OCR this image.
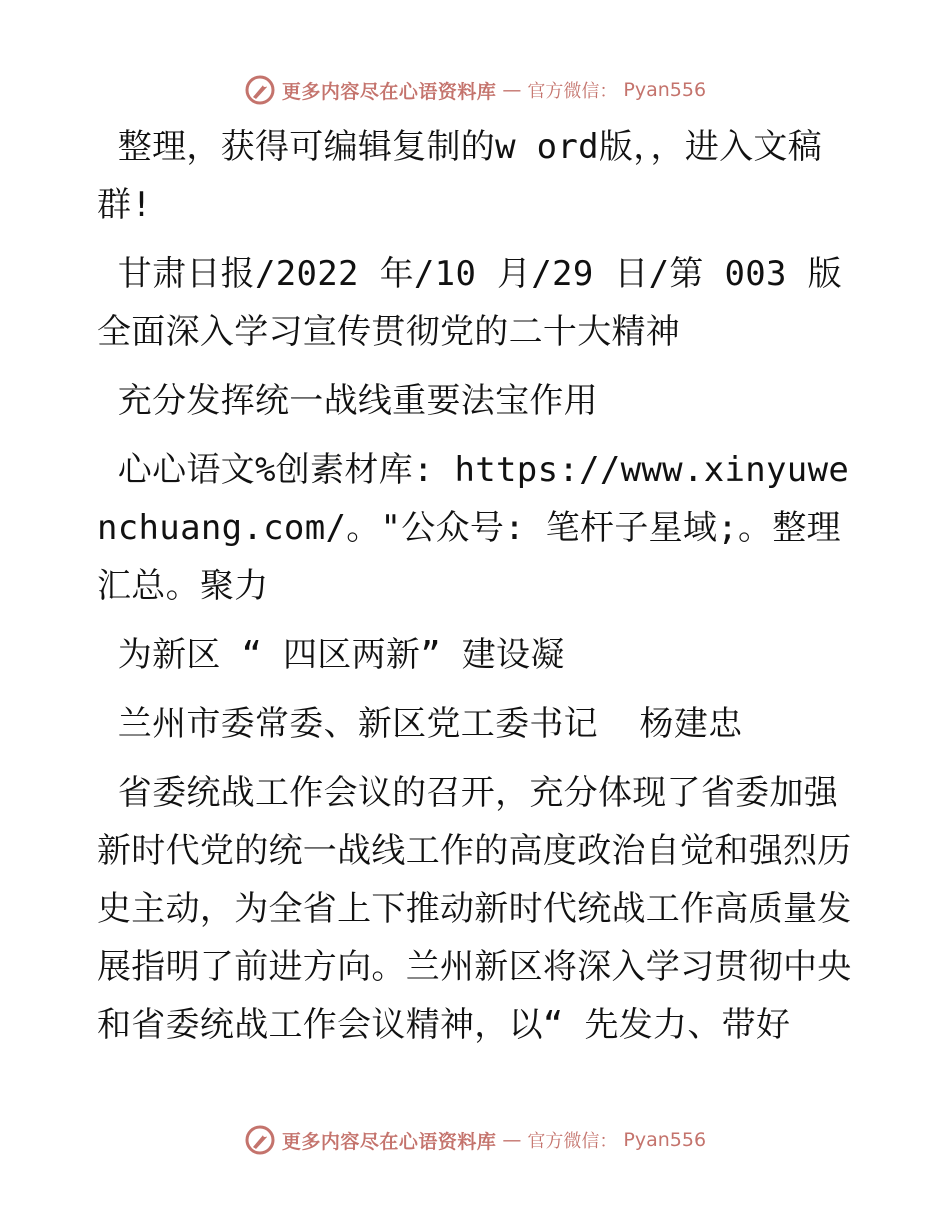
更多内容尽在心语资料库 — 官方微信： Pyan556

整理，获得可编辑复制的w ord版，，进入文稿群!

甘肃日报/2022 年/10 月/29 日/第 003 版全面深入学习宣传贯彻党的二十大精神

充分发挥统一战线重要法宝作用

心心语文%创素材库: https://www.xinyuwenchuang.com/。"公众号: 笔杆子星域;。整理汇总。聚力

为新区 “ 四区两新” 建设凝

兰州市委常委、新区党工委书记  杨建忠

省委统战工作会议的召开，充分体现了省委加强新时代党的统一战线工作的高度政治自觉和强烈历史主动，为全省上下推动新时代统战工作高质量发展指明了前进方向。兰州新区将深入学习贯彻中央和省委统战工作会议精神，以“ 先发力、带好

更多内容尽在心语资料库 — 官方微信： Pyan556
